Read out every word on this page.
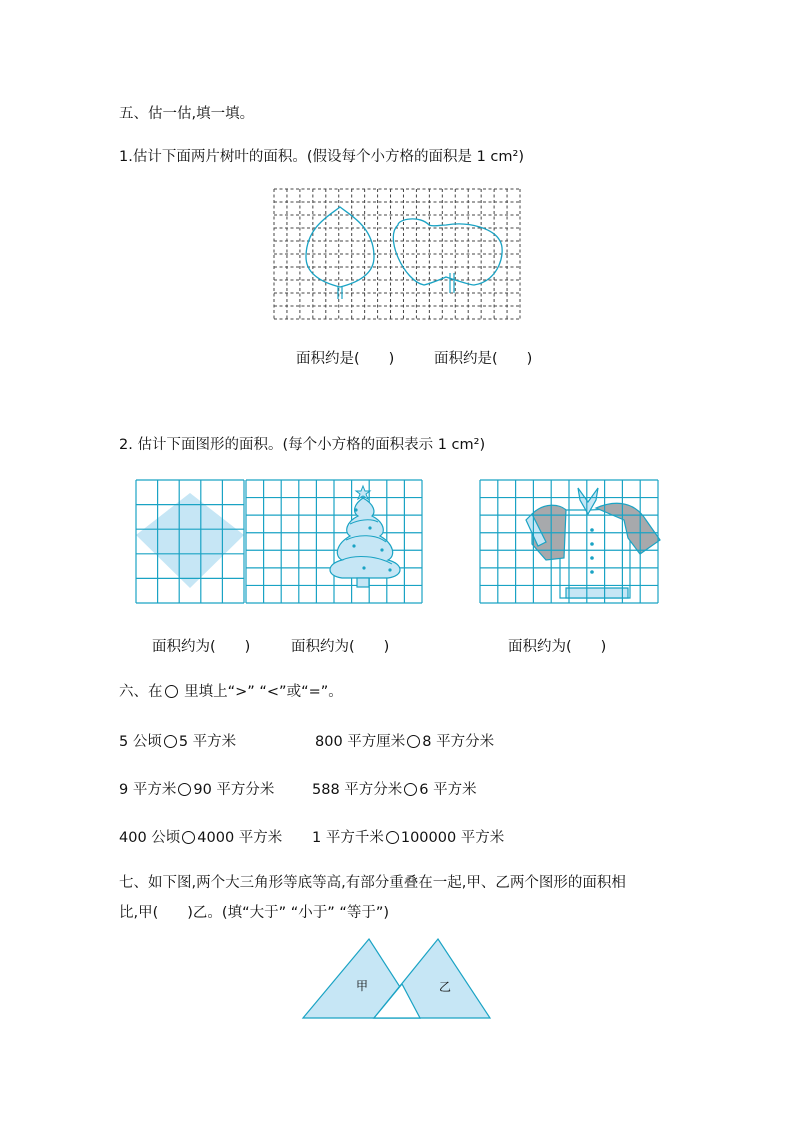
五、估一估,填一填。
1.估计下面两片树叶的面积。(假设每个小方格的面积是 1 cm²)
面积约是(　　)	面积约是(　　)
2. 估计下面图形的面积。(每个小方格的面积表示 1 cm²)
面积约为(　　)	面积约为(　　)	面积约为(　　)
六、在 里填上“>” “<”或“=”。
5 公顷 5 平方米	800 平方厘米 8 平方分米
9 平方米 90 平方分米	588 平方分米 6 平方米
400 公顷 4000 平方米 1 平方千米 100000 平方米
七、如下图,两个大三角形等底等高,有部分重叠在一起,甲、乙两个图形的面积相
比,甲(　　)乙。(填“大于” “小于” “等于”)
甲	乙
